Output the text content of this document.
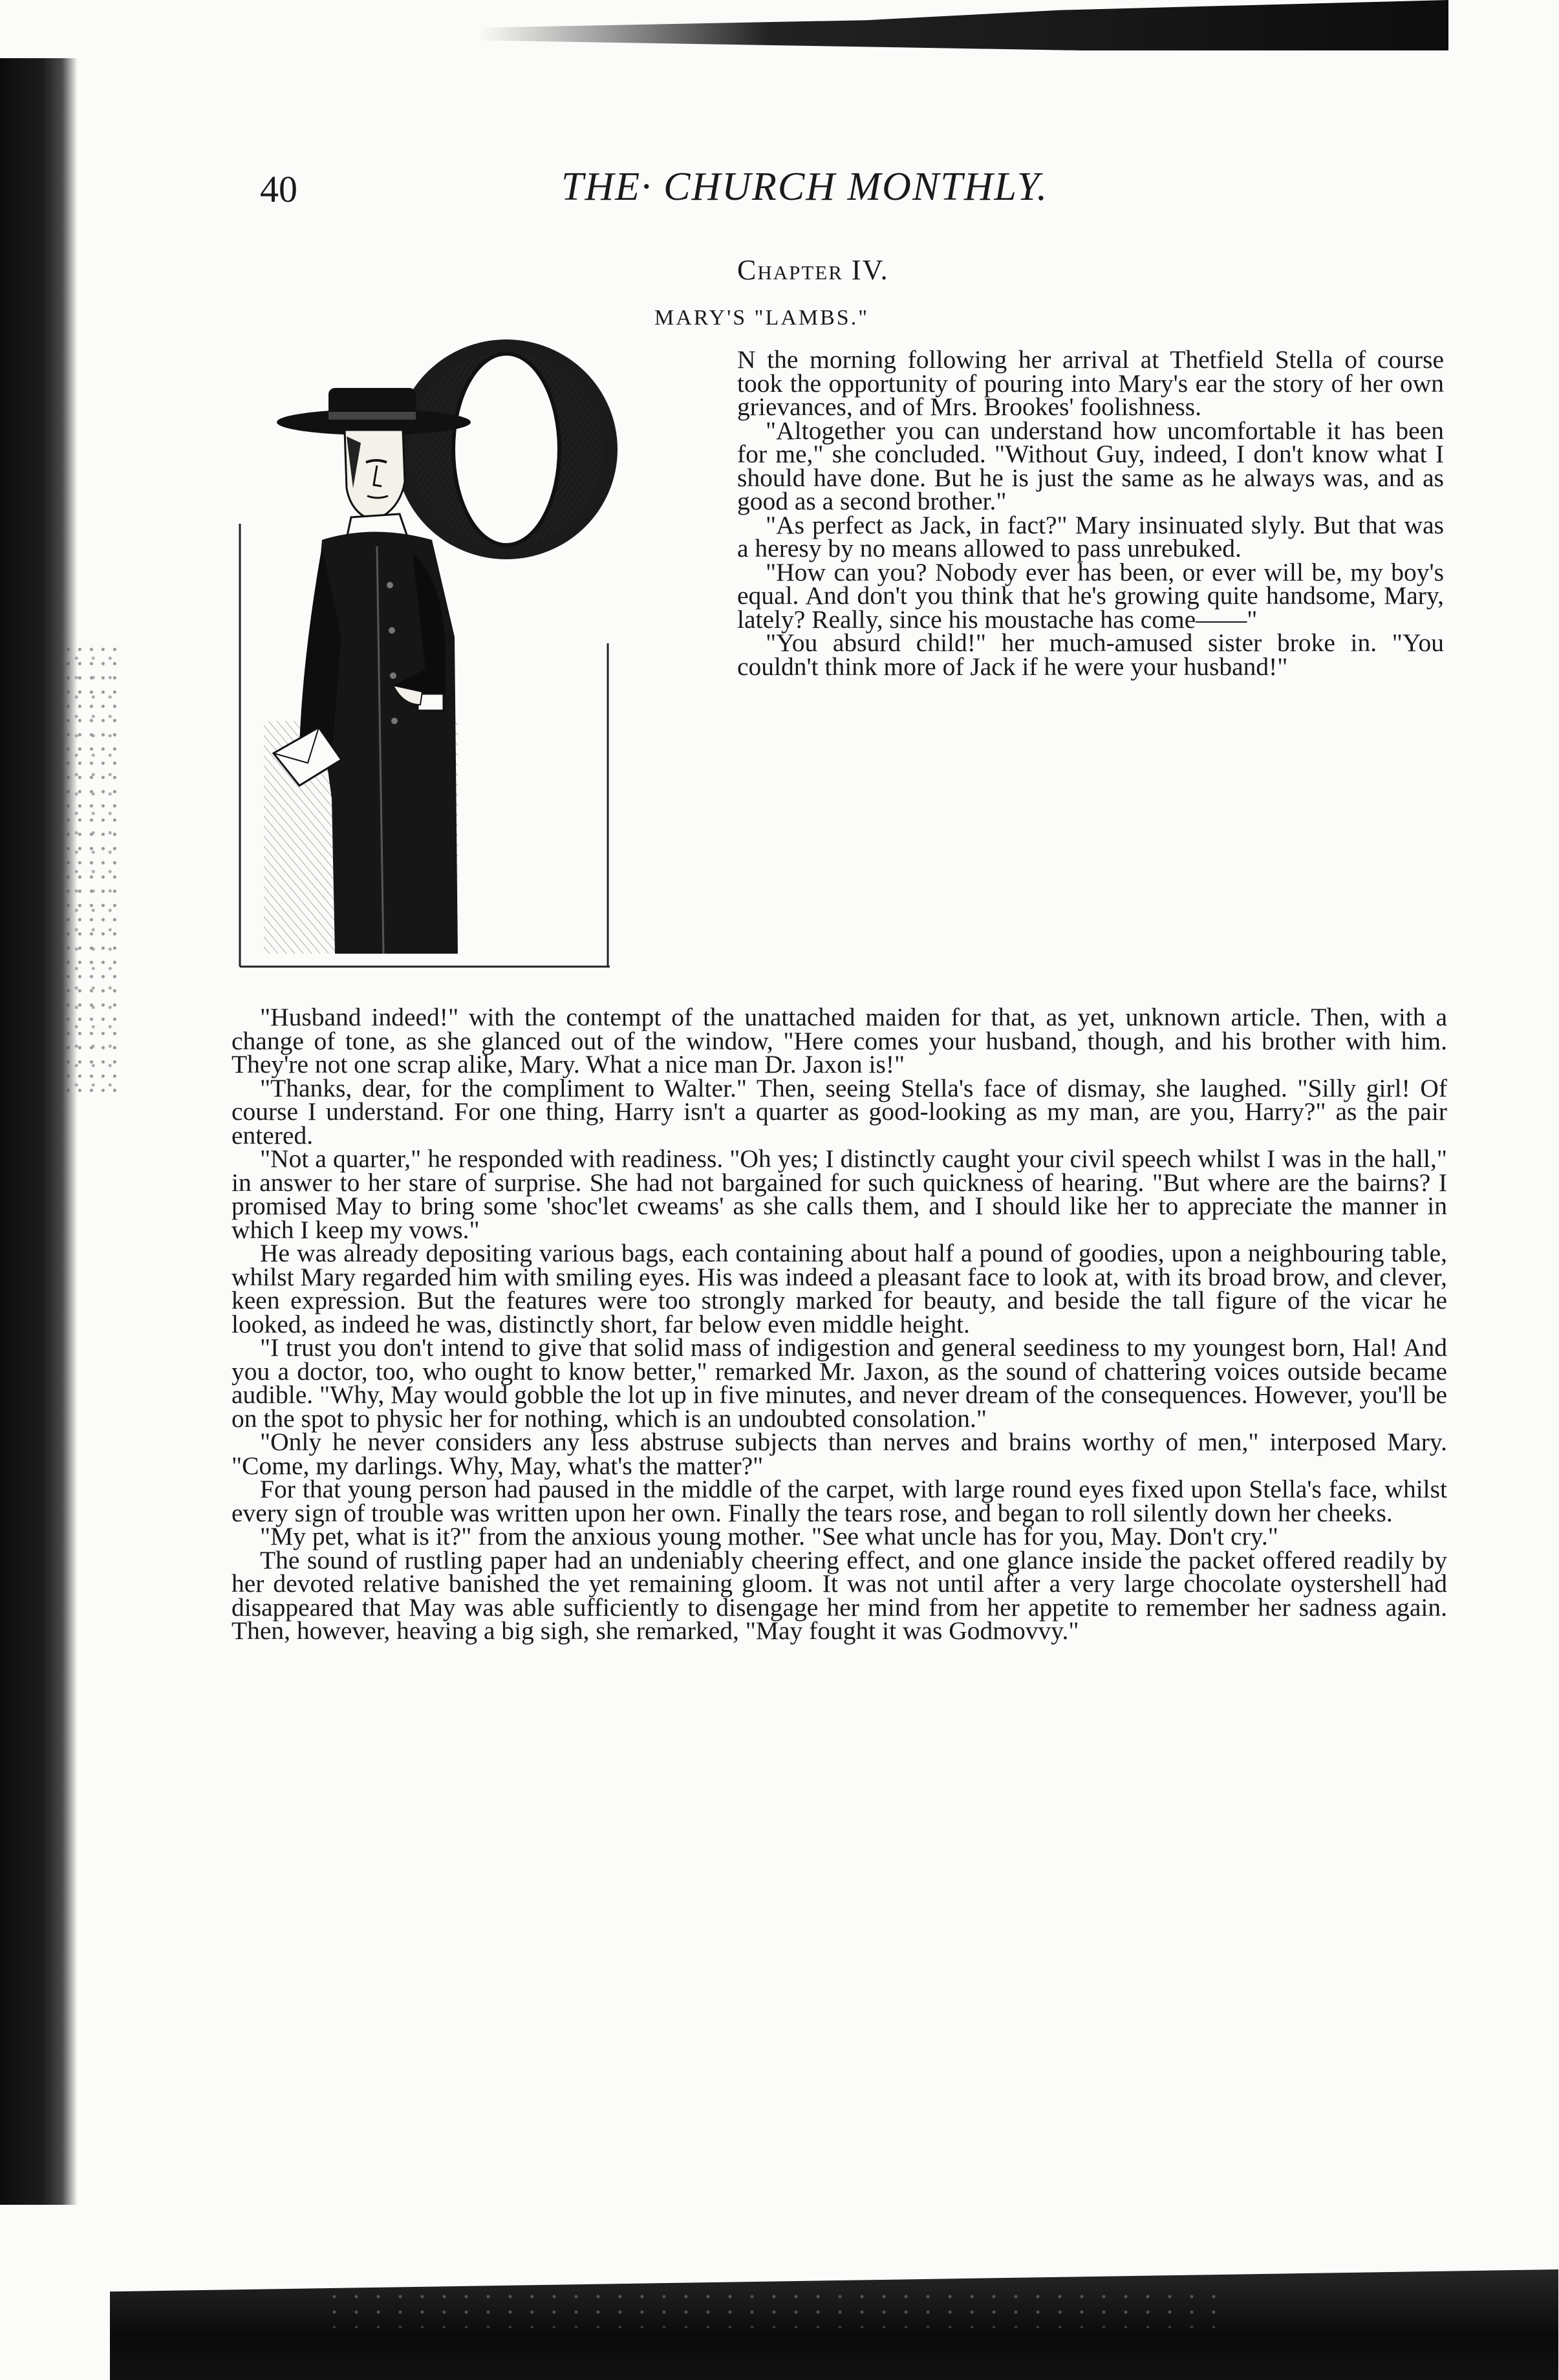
40	THE· CHURCH MONTHLY.
Chapter IV.
MARY'S "LAMBS."

N the morning following her arrival at Thetfield Stella of course took the opportunity of pouring into Mary's ear the story of her own grievances, and of Mrs. Brookes' foolishness.

"Altogether you can understand how uncomfortable it has been for me," she concluded. "Without Guy, indeed, I don't know what I should have done. But he is just the same as he always was, and as good as a second brother."

"As perfect as Jack, in fact?" Mary insinuated slyly. But that was a heresy by no means allowed to pass unrebuked.

"How can you? Nobody ever has been, or ever will be, my boy's equal. And don't you think that he's growing quite handsome, Mary, lately? Really, since his moustache has come——"

"You absurd child!" her much-amused sister broke in. "You couldn't think more of Jack if he were your husband!"

"Husband indeed!" with the contempt of the unattached maiden for that, as yet, unknown article. Then, with a change of tone, as she glanced out of the window, "Here comes your husband, though, and his brother with him. They're not one scrap alike, Mary. What a nice man Dr. Jaxon is!"

"Thanks, dear, for the compliment to Walter." Then, seeing Stella's face of dismay, she laughed. "Silly girl! Of course I understand. For one thing, Harry isn't a quarter as good-looking as my man, are you, Harry?" as the pair entered.

"Not a quarter," he responded with readiness. "Oh yes; I distinctly caught your civil speech whilst I was in the hall," in answer to her stare of surprise. She had not bargained for such quickness of hearing. "But where are the bairns? I promised May to bring some 'shoc'let cweams' as she calls them, and I should like her to appreciate the manner in which I keep my vows."

He was already depositing various bags, each containing about half a pound of goodies, upon a neighbouring table, whilst Mary regarded him with smiling eyes. His was indeed a pleasant face to look at, with its broad brow, and clever, keen expression. But the features were too strongly marked for beauty, and beside the tall figure of the vicar he looked, as indeed he was, distinctly short, far below even middle height.

"I trust you don't intend to give that solid mass of indigestion and general seediness to my youngest born, Hal! And you a doctor, too, who ought to know better," remarked Mr. Jaxon, as the sound of chattering voices outside became audible. "Why, May would gobble the lot up in five minutes, and never dream of the consequences. However, you'll be on the spot to physic her for nothing, which is an undoubted consolation."

"Only he never considers any less abstruse subjects than nerves and brains worthy of men," interposed Mary. "Come, my darlings. Why, May, what's the matter?"

For that young person had paused in the middle of the carpet, with large round eyes fixed upon Stella's face, whilst every sign of trouble was written upon her own. Finally the tears rose, and began to roll silently down her cheeks.

"My pet, what is it?" from the anxious young mother. "See what uncle has for you, May. Don't cry."

The sound of rustling paper had an undeniably cheering effect, and one glance inside the packet offered readily by her devoted relative banished the yet remaining gloom. It was not until after a very large chocolate oystershell had disappeared that May was able sufficiently to disengage her mind from her appetite to remember her sadness again. Then, however, heaving a big sigh, she remarked, "May fought it was Godmovvy."
